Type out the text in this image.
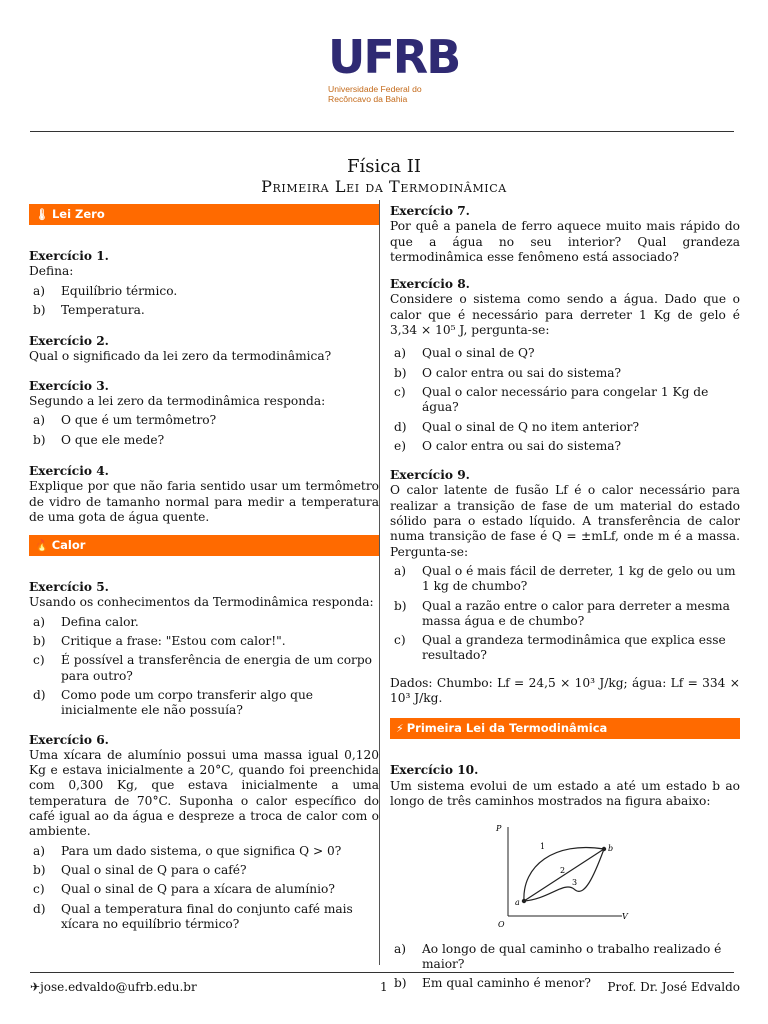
UFRB
Universidade Federal do
Recôncavo da Bahia
Física II
Primeira Lei da Termodinâmica
🌡 Lei Zero
Exercício 1.

Defina:

a)	Equilíbrio térmico.
b)	Temperatura.
Exercício 2.

Qual o significado da lei zero da termodinâmica?

Exercício 3.

Segundo a lei zero da termodinâmica responda:

a)	O que é um termômetro?
b)	O que ele mede?
Exercício 4.

Explique por que não faria sentido usar um termômetro de vidro de tamanho normal para medir a temperatura de uma gota de água quente.

🔥 Calor
Exercício 5.

Usando os conhecimentos da Termodinâmica responda:

a)	Defina calor.
b)	Critique a frase: "Estou com calor!".
c)	É possível a transferência de energia de um corpo para outro?
d)	Como pode um corpo transferir algo que inicialmente ele não possuía?
Exercício 6.

Uma xícara de alumínio possui uma massa igual 0,120 Kg e estava inicialmente a 20°C, quando foi preenchida com 0,300 Kg, que estava inicialmente a uma temperatura de 70°C. Suponha o calor específico do café igual ao da água e despreze a troca de calor com o ambiente.

a)	Para um dado sistema, o que significa Q > 0?
b)	Qual o sinal de Q para o café?
c)	Qual o sinal de Q para a xícara de alumínio?
d)	Qual a temperatura final do conjunto café mais xícara no equilíbrio térmico?
Exercício 7.

Por quê a panela de ferro aquece muito mais rápido do que a água no seu interior? Qual grandeza termodinâmica esse fenômeno está associado?

Exercício 8.

Considere o sistema como sendo a água. Dado que o calor que é necessário para derreter 1 Kg de gelo é 3,34 × 10⁵ J, pergunta-se:

a)	Qual o sinal de Q?
b)	O calor entra ou sai do sistema?
c)	Qual o calor necessário para congelar 1 Kg de água?
d)	Qual o sinal de Q no item anterior?
e)	O calor entra ou sai do sistema?
Exercício 9.

O calor latente de fusão Lf é o calor necessário para realizar a transição de fase de um material do estado sólido para o estado líquido. A transferência de calor numa transição de fase é Q = ±mLf, onde m é a massa. Pergunta-se:

a)	Qual o é mais fácil de derreter, 1 kg de gelo ou um 1 kg de chumbo?
b)	Qual a razão entre o calor para derreter a mesma massa água e de chumbo?
c)	Qual a grandeza termodinâmica que explica esse resultado?

Dados: Chumbo: Lf = 24,5 × 10³ J/kg; água: Lf = 334 × 10³ J/kg.

⚡ Primeira Lei da Termodinâmica
Exercício 10.

Um sistema evolui de um estado a até um estado b ao longo de três caminhos mostrados na figura abaixo:

P
V
O
a
b
1
2
3
a)	Ao longo de qual caminho o trabalho realizado é maior?
b)	Em qual caminho é menor?
✈jose.edvaldo@ufrb.edu.br	1	Prof. Dr. José Edvaldo
